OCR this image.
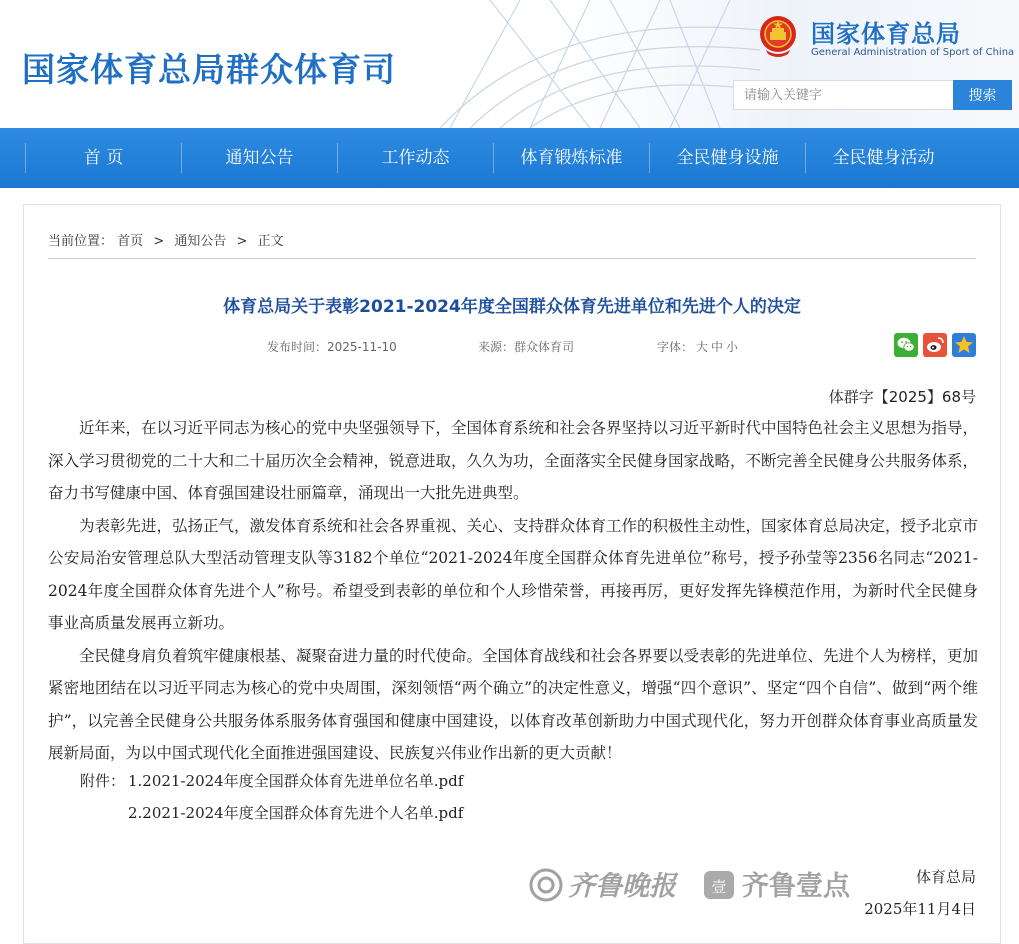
国家体育总局群众体育司
国家体育总局
General Administration of Sport of China
请输入关键字
搜索
首 页	通知公告	工作动态	体育锻炼标准	全民健身设施	全民健身活动
当前位置： 首页 > 通知公告 > 正文
体育总局关于表彰2021-2024年度全国群众体育先进单位和先进个人的决定
发布时间：2025-11-10	来源：群众体育司	字体： 大 中 小
体群字【2025】68号

近年来，在以习近平同志为核心的党中央坚强领导下，全国体育系统和社会各界坚持以习近平新时代中国特色社会主义思想为指导，深入学习贯彻党的二十大和二十届历次全会精神，锐意进取，久久为功，全面落实全民健身国家战略，不断完善全民健身公共服务体系，奋力书写健康中国、体育强国建设壮丽篇章，涌现出一大批先进典型。

为表彰先进，弘扬正气，激发体育系统和社会各界重视、关心、支持群众体育工作的积极性主动性，国家体育总局决定，授予北京市公安局治安管理总队大型活动管理支队等3182个单位“2021-2024年度全国群众体育先进单位”称号，授予孙莹等2356名同志“2021-2024年度全国群众体育先进个人”称号。希望受到表彰的单位和个人珍惜荣誉，再接再厉，更好发挥先锋模范作用，为新时代全民健身事业高质量发展再立新功。

全民健身肩负着筑牢健康根基、凝聚奋进力量的时代使命。全国体育战线和社会各界要以受表彰的先进单位、先进个人为榜样，更加紧密地团结在以习近平同志为核心的党中央周围，深刻领悟“两个确立”的决定性意义，增强“四个意识”、坚定“四个自信”、做到“两个维护”，以完善全民健身公共服务体系服务体育强国和健康中国建设，以体育改革创新助力中国式现代化，努力开创群众体育事业高质量发展新局面，为以中国式现代化全面推进强国建设、民族复兴伟业作出新的更大贡献！

附件： 1.2021-2024年度全国群众体育先进单位名单.pdf
2.2021-2024年度全国群众体育先进个人名单.pdf
齐鲁晚报 壹 齐鲁壹点	体育总局
2025年11月4日
